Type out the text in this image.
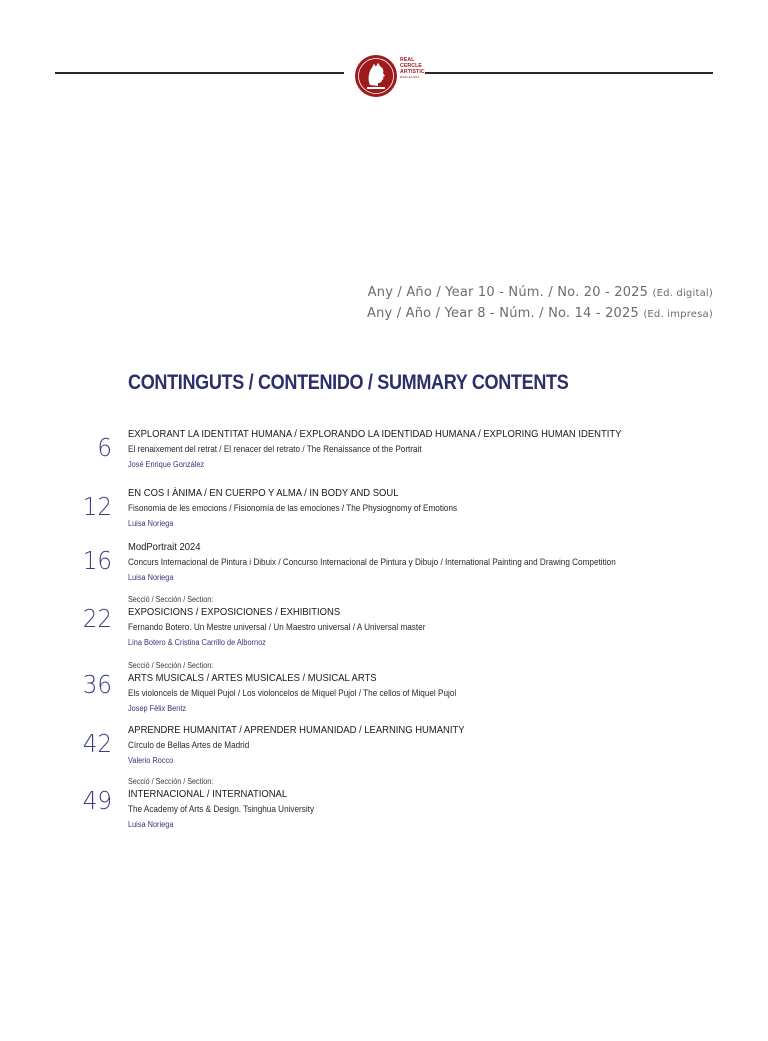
REAL
CERCLE
ARTISTIC
BARCELONA
Any / Año / Year 10 - Núm. / No. 20 - 2025 (Ed. digital)
Any / Año / Year 8 - Núm. / No. 14 - 2025 (Ed. impresa)
CONTINGUTS / CONTENIDO / SUMMARY CONTENTS
6 EXPLORANT LA IDENTITAT HUMANA / EXPLORANDO LA IDENTIDAD HUMANA / EXPLORING HUMAN IDENTITY
El renaixement del retrat / El renacer del retrato / The Renaissance of the Portrait
José Enrique González
12 EN COS I ÀNIMA / EN CUERPO Y ALMA / IN BODY AND SOUL
Fisonomia de les emocions / Fisionomía de las emociones / The Physiognomy of Emotions
Luisa Noriega
16 ModPortrait 2024
Concurs Internacional de Pintura i Dibuix / Concurso Internacional de Pintura y Dibujo / International Painting and Drawing Competition
Luisa Noriega
22
Secció / Sección / Section:
EXPOSICIONS / EXPOSICIONES / EXHIBITIONS
Fernando Botero. Un Mestre universal / Un Maestro universal / A Universal master
Lina Botero & Cristina Carrillo de Albornoz
36
Secció / Sección / Section:
ARTS MUSICALS / ARTES MUSICALES / MUSICAL ARTS
Els violoncels de Miquel Pujol / Los violoncelos de Miquel Pujol / The cellos of Miquel Pujol
Josep Fèlix Bentz
42 APRENDRE HUMANITAT / APRENDER HUMANIDAD / LEARNING HUMANITY
Círculo de Bellas Artes de Madrid
Valerio Rocco
49
Secció / Sección / Section:
INTERNACIONAL / INTERNATIONAL
The Academy of Arts & Design. Tsinghua University
Luisa Noriega
